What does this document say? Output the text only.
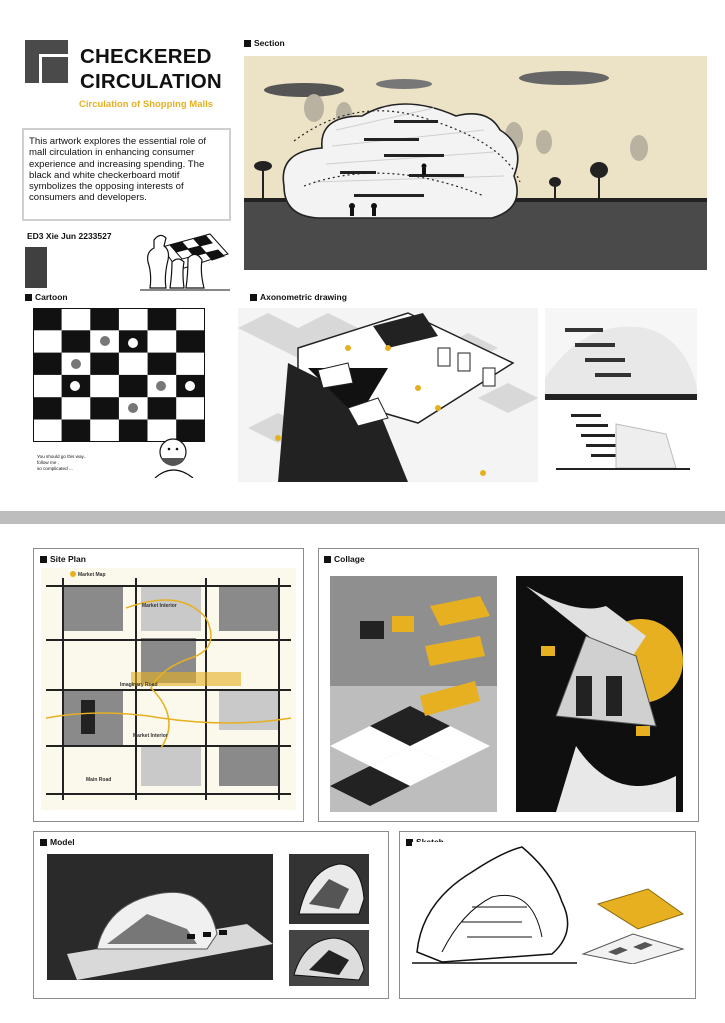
CHECKERED
CIRCULATION
Circulation of Shopping Malls
This artwork explores the essential role of mall circulation in enhancing consumer experience and increasing spending. The black and white checkerboard motif symbolizes the opposing interests of consumers and developers.
ED3 Xie Jun 2233527
Section
Cartoon
You should go this way..
follow me ,
so complicated ...
Axonometric drawing
Site Plan
Market Map
Market Interior
Imaginary Road
Market Interior
Main Road
Collage
Model
